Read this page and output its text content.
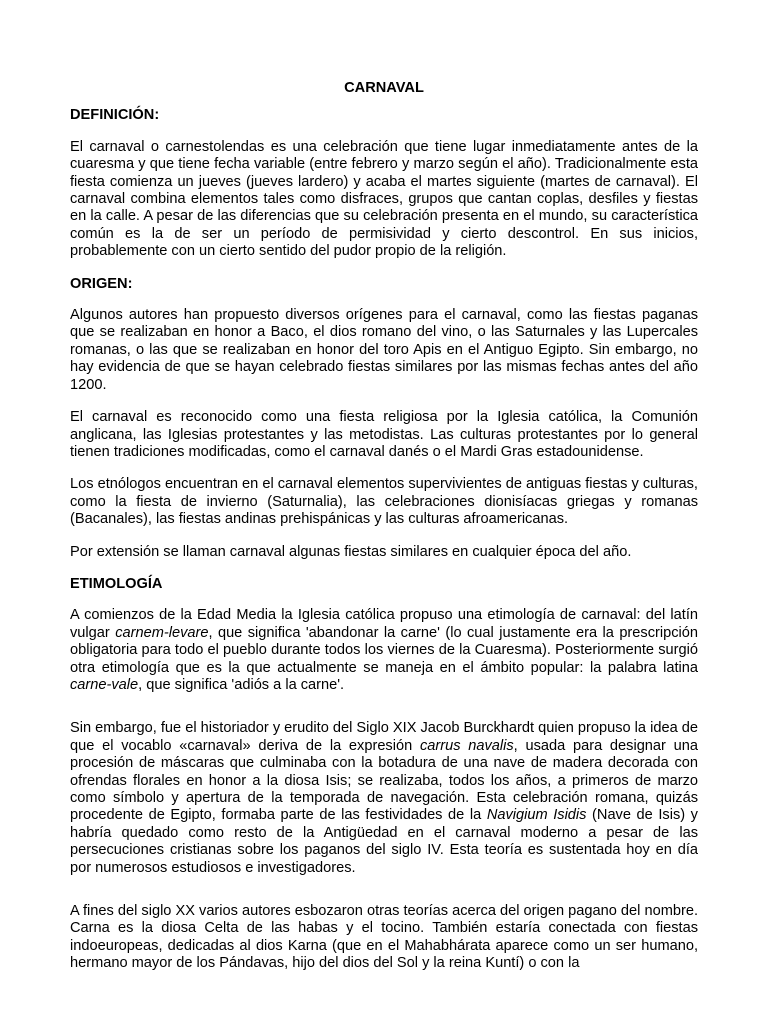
CARNAVAL
DEFINICIÓN:

El carnaval o carnestolendas es una celebración que tiene lugar inmediatamente antes de la cuaresma y que tiene fecha variable (entre febrero y marzo según el año). Tradicionalmente esta fiesta comienza un jueves (jueves lardero) y acaba el martes siguiente (martes de carnaval). El carnaval combina elementos tales como disfraces, grupos que cantan coplas, desfiles y fiestas en la calle. A pesar de las diferencias que su celebración presenta en el mundo, su característica común es la de ser un período de permisividad y cierto descontrol. En sus inicios, probablemente con un cierto sentido del pudor propio de la religión.

ORIGEN:

Algunos autores han propuesto diversos orígenes para el carnaval, como las fiestas paganas que se realizaban en honor a Baco, el dios romano del vino, o las Saturnales y las Lupercales romanas, o las que se realizaban en honor del toro Apis en el Antiguo Egipto. Sin embargo, no hay evidencia de que se hayan celebrado fiestas similares por las mismas fechas antes del año 1200.

El carnaval es reconocido como una fiesta religiosa por la Iglesia católica, la Comunión anglicana, las Iglesias protestantes y las metodistas. Las culturas protestantes por lo general tienen tradiciones modificadas, como el carnaval danés o el Mardi Gras estadounidense.

Los etnólogos encuentran en el carnaval elementos supervivientes de antiguas fiestas y culturas, como la fiesta de invierno (Saturnalia), las celebraciones dionisíacas griegas y romanas (Bacanales), las fiestas andinas prehispánicas y las culturas afroamericanas.

Por extensión se llaman carnaval algunas fiestas similares en cualquier época del año.

ETIMOLOGÍA

A comienzos de la Edad Media la Iglesia católica propuso una etimología de carnaval: del latín vulgar carnem-levare, que significa 'abandonar la carne' (lo cual justamente era la prescripción obligatoria para todo el pueblo durante todos los viernes de la Cuaresma). Posteriormente surgió otra etimología que es la que actualmente se maneja en el ámbito popular: la palabra latina carne-vale, que significa 'adiós a la carne'.

Sin embargo, fue el historiador y erudito del Siglo XIX Jacob Burckhardt quien propuso la idea de que el vocablo «carnaval» deriva de la expresión carrus navalis, usada para designar una procesión de máscaras que culminaba con la botadura de una nave de madera decorada con ofrendas florales en honor a la diosa Isis; se realizaba, todos los años, a primeros de marzo como símbolo y apertura de la temporada de navegación. Esta celebración romana, quizás procedente de Egipto, formaba parte de las festividades de la Navigium Isidis (Nave de Isis) y habría quedado como resto de la Antigüedad en el carnaval moderno a pesar de las persecuciones cristianas sobre los paganos del siglo IV. Esta teoría es sustentada hoy en día por numerosos estudiosos e investigadores.

A fines del siglo XX varios autores esbozaron otras teorías acerca del origen pagano del nombre. Carna es la diosa Celta de las habas y el tocino. También estaría conectada con fiestas indoeuropeas, dedicadas al dios Karna (que en el Mahabhárata aparece como un ser humano, hermano mayor de los Pándavas, hijo del dios del Sol y la reina Kuntí) o con la
